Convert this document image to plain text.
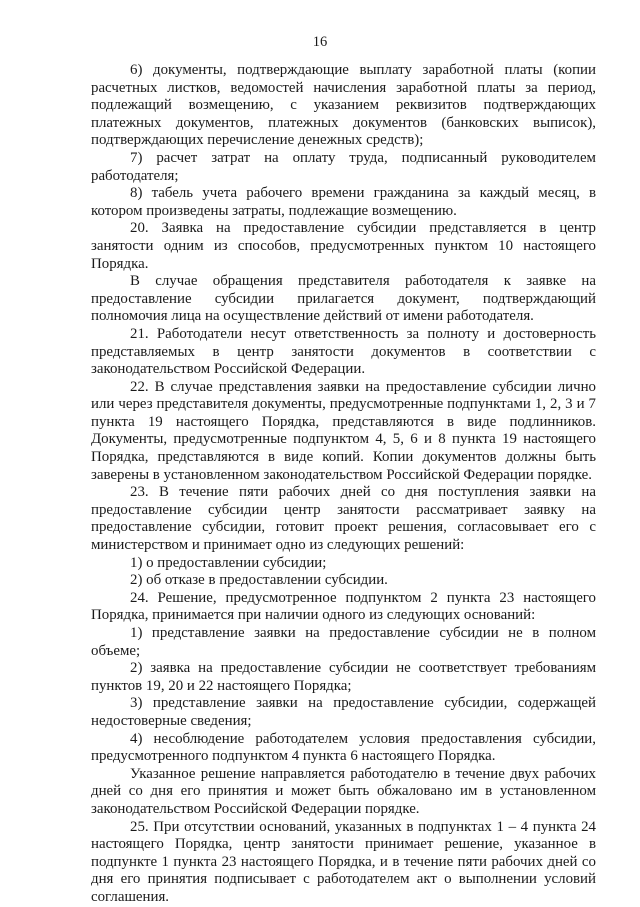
16

6) документы, подтверждающие выплату заработной платы (копии расчетных листков, ведомостей начисления заработной платы за период, подлежащий возмещению, с указанием реквизитов подтверждающих платежных документов, платежных документов (банковских выписок), подтверждающих перечисление денежных средств);

7) расчет затрат на оплату труда, подписанный руководителем работодателя;

8) табель учета рабочего времени гражданина за каждый месяц, в котором произведены затраты, подлежащие возмещению.

20. Заявка на предоставление субсидии представляется в центр занятости одним из способов, предусмотренных пунктом 10 настоящего Порядка.

В случае обращения представителя работодателя к заявке на предоставление субсидии прилагается документ, подтверждающий полномочия лица на осуществление действий от имени работодателя.

21. Работодатели несут ответственность за полноту и достоверность представляемых в центр занятости документов в соответствии с законодательством Российской Федерации.

22. В случае представления заявки на предоставление субсидии лично или через представителя документы, предусмотренные подпунктами 1, 2, 3 и 7 пункта 19 настоящего Порядка, представляются в виде подлинников. Документы, предусмотренные подпунктом 4, 5, 6 и 8 пункта 19 настоящего Порядка, представляются в виде копий. Копии документов должны быть заверены в установленном законодательством Российской Федерации порядке.

23. В течение пяти рабочих дней со дня поступления заявки на предоставление субсидии центр занятости рассматривает заявку на предоставление субсидии, готовит проект решения, согласовывает его с министерством и принимает одно из следующих решений:

1) о предоставлении субсидии;

2) об отказе в предоставлении субсидии.

24. Решение, предусмотренное подпунктом 2 пункта 23 настоящего Порядка, принимается при наличии одного из следующих оснований:

1) представление заявки на предоставление субсидии не в полном объеме;

2) заявка на предоставление субсидии не соответствует требованиям пунктов 19, 20 и 22 настоящего Порядка;

3) представление заявки на предоставление субсидии, содержащей недостоверные сведения;

4) несоблюдение работодателем условия предоставления субсидии, предусмотренного подпунктом 4 пункта 6 настоящего Порядка.

Указанное решение направляется работодателю в течение двух рабочих дней со дня его принятия и может быть обжаловано им в установленном законодательством Российской Федерации порядке.

25. При отсутствии оснований, указанных в подпунктах 1 – 4 пункта 24 настоящего Порядка, центр занятости принимает решение, указанное в подпункте 1 пункта 23 настоящего Порядка, и в течение пяти рабочих дней со дня его принятия подписывает с работодателем акт о выполнении условий соглашения.
